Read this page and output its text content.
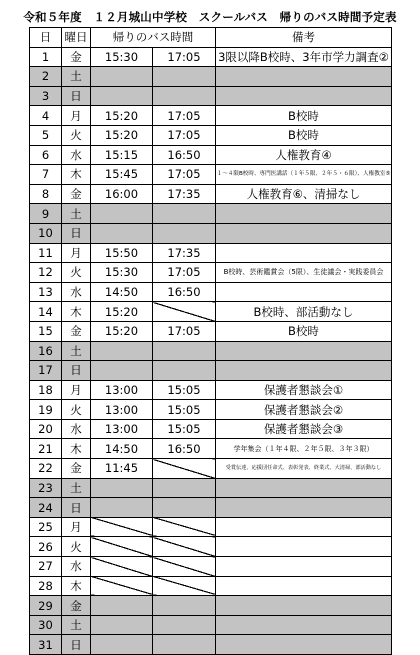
令和５年度　１２月城山中学校　スクールバス　帰りのバス時間予定表
日	曜日	帰りのバス時間		備考
1	金	15:30	17:05	3限以降B校時、3年市学力調査②
2	土			
3	日			
4	月	15:20	17:05	B校時
5	火	15:20	17:05	B校時
6	水	15:15	16:50	人権教育④
7	木	15:45	17:05	１～４限B校時、専門医講話（１年５限、２年５・６限）、人権教室⑤
8	金	16:00	17:35	人権教育⑥、清掃なし
9	土			
10	日			
11	月	15:50	17:35	
12	火	15:30	17:05	B校時、芸術鑑賞会（5限）、生徒議会・実践委員会
13	水	14:50	16:50	
14	木	15:20		B校時、部活動なし
15	金	15:20	17:05	B校時
16	土			
17	日			
18	月	13:00	15:05	保護者懇談会①
19	火	13:00	15:05	保護者懇談会②
20	水	13:00	15:05	保護者懇談会③
21	木	14:50	16:50	学年集会（１年４限、２年５限、３年３限）
22	金	11:45		受賞伝達、応援団任命式、表彰発表、終業式、大清掃、部活動なし
23	土			
24	日			
25	月			
26	火			
27	水			
28	木			
29	金			
30	土			
31	日			
